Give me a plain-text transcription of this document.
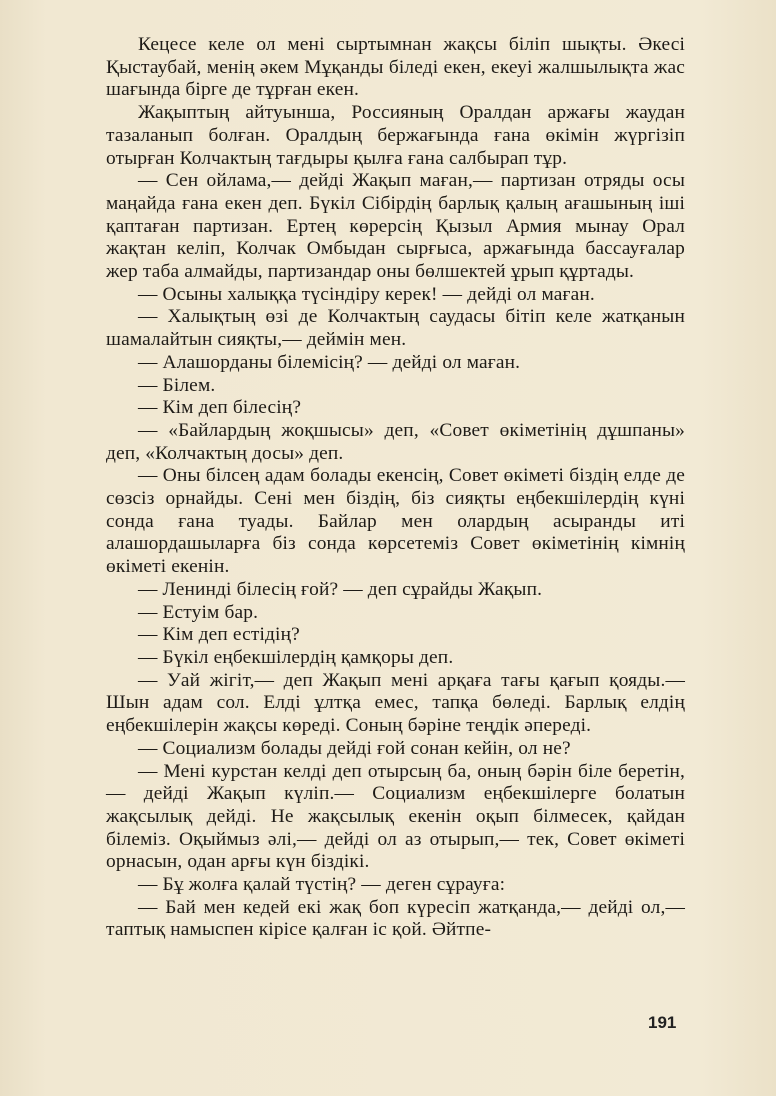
Кецесе келе ол мені сыртымнан жақсы біліп шықты. Әкесі Қыстаубай, менің әкем Мұқанды біледі екен, екеуі жалшылықта жас шағында бірге де тұрған екен.

Жақыптың айтуынша, Россияның Оралдан аржағы жаудан тазаланып болған. Оралдың бержағында ғана өкімін жүргізіп отырған Колчактың тағдыры қылға ғана салбырап тұр.

— Сен ойлама,— дейді Жақып маған,— партизан отряды осы маңайда ғана екен деп. Бүкіл Сібірдің барлық қалың ағашының іші қаптаған партизан. Ертең көрерсің Қызыл Армия мынау Орал жақтан келіп, Колчак Омбыдан сырғыса, аржағында бассауғалар жер таба алмайды, партизандар оны бөлшектей ұрып құртады.

— Осыны халыққа түсіндіру керек! — дейді ол маған.

— Халықтың өзі де Колчактың саудасы бітіп келе жатқанын шамалайтын сияқты,— деймін мен.

— Алашорданы білемісің? — дейді ол маған.

— Білем.

— Кім деп білесің?

— «Байлардың жоқшысы» деп, «Совет өкіметінің дұшпаны» деп, «Колчактың досы» деп.

— Оны білсең адам болады екенсің, Совет өкіметі біздің елде де сөзсіз орнайды. Сені мен біздің, біз сияқты еңбекшілердің күні сонда ғана туады. Байлар мен олардың асыранды иті алашордашыларға біз сонда көрсетеміз Совет өкіметінің кімнің өкіметі екенін.

— Ленинді білесің ғой? — деп сұрайды Жақып.

— Естуім бар.

— Кім деп естідің?

— Бүкіл еңбекшілердің қамқоры деп.

— Уай жігіт,— деп Жақып мені арқаға тағы қағып қояды.— Шын адам сол. Елді ұлтқа емес, тапқа бөледі. Барлық елдің еңбекшілерін жақсы көреді. Соның бәріне теңдік әпереді.

— Социализм болады дейді ғой сонан кейін, ол не?

— Мені курстан келді деп отырсың ба, оның бәрін біле беретін,— дейді Жақып күліп.— Социализм еңбекшілерге болатын жақсылық дейді. Не жақсылық екенін оқып білмесек, қайдан білеміз. Оқыймыз әлі,— дейді ол аз отырып,— тек, Совет өкіметі орнасын, одан арғы күн біздікі.

— Бұ жолға қалай түстің? — деген сұрауға:

— Бай мен кедей екі жақ боп күресіп жатқанда,— дейді ол,— таптық намыспен кірісе қалған іс қой. Әйтпе-

191
